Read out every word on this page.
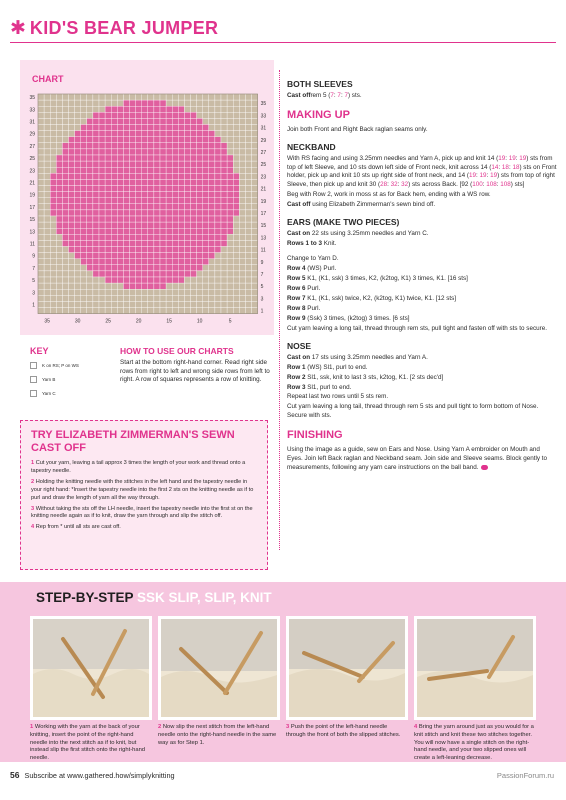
✱ KID'S BEAR JUMPER
CHART
35
33
31
29
27
25
23
21
19
17
15
13
11
9
7
5
3
1
35
33
31
29
27
25
23
21
19
17
15
13
11
9
7
5
3
1
35	30	25	20	15	10	5
KEY
K on RS; P on WS
Yarn B
Yarn C
HOW TO USE OUR CHARTS
Start at the bottom right-hand corner. Read right side rows from right to left and wrong side rows from left to right. A row of squares represents a row of knitting.
TRY ELIZABETH ZIMMERMAN'S SEWN CAST OFF
1 Cut your yarn, leaving a tail approx 3 times the length of your work and thread onto a tapestry needle.
2 Holding the knitting needle with the stitches in the left hand and the tapestry needle in your right hand: *Insert the tapestry needle into the first 2 sts on the knitting needle as if to purl and draw the length of yarn all the way through.
3 Without taking the sts off the LH needle, insert the tapestry needle into the first st on the knitting needle again as if to knit, draw the yarn through and slip the stitch off.
4 Rep from * until all sts are cast off.
BOTH SLEEVES

Cast offrem 5 (7: 7: 7) sts.

MAKING UP

Join both Front and Right Back raglan seams only.

NECKBAND

With RS facing and using 3.25mm needles and Yarn A, pick up and knit 14 (19: 19: 19) sts from top of left Sleeve, and 10 sts down left side of Front neck, knit across 14 (14: 18: 18) sts on Front holder, pick up and knit 10 sts up right side of front neck, and 14 (19: 19: 19) sts from top of right Sleeve, then pick up and knit 30 (28: 32: 32) sts across Back. [92 (100: 108: 108) sts]

Beg with Row 2, work in moss st as for Back hem, ending with a WS row.

Cast off using Elizabeth Zimmerman's sewn bind off.

EARS (MAKE TWO PIECES)

Cast on 22 sts using 3.25mm needles and Yarn C.

Rows 1 to 3 Knit.

Change to Yarn D.

Row 4 (WS) Purl.

Row 5 K1, (K1, ssk) 3 times, K2, (k2tog, K1) 3 times, K1. [16 sts]

Row 6 Purl.

Row 7 K1, (K1, ssk) twice, K2, (k2tog, K1) twice, K1. [12 sts]

Row 8 Purl.

Row 9 (Ssk) 3 times, (k2tog) 3 times. [6 sts]

Cut yarn leaving a long tail, thread through rem sts, pull tight and fasten off with sts to secure.

NOSE

Cast on 17 sts using 3.25mm needles and Yarn A.

Row 1 (WS) Sl1, purl to end.

Row 2 Sl1, ssk, knit to last 3 sts, k2tog, K1. [2 sts dec'd]

Row 3 Sl1, purl to end.

Repeat last two rows until 5 sts rem.

Cut yarn leaving a long tail, thread through rem 5 sts and pull tight to form bottom of Nose. Secure with sts.

FINISHING

Using the image as a guide, sew on Ears and Nose. Using Yarn A embroider on Mouth and Eyes. Join left Back raglan and Neckband seam. Join side and Sleeve seams. Block gently to measurements, following any yarn care instructions on the ball band.

STEP-BY-STEP SSK SLIP, SLIP, KNIT
1 Working with the yarn at the back of your knitting, insert the point of the right-hand needle into the next stitch as if to knit, but instead slip the first stitch onto the right-hand needle.
2 Now slip the next stitch from the left-hand needle onto the right-hand needle in the same way as for Step 1.
3 Push the point of the left-hand needle through the front of both the slipped stitches.
4 Bring the yarn around just as you would for a knit stitch and knit these two stitches together. You will now have a single stitch on the right-hand needle, and your two slipped ones will create a left-leaning decrease.
56 Subscribe at www.gathered.how/simplyknitting	PassionForum.ru
